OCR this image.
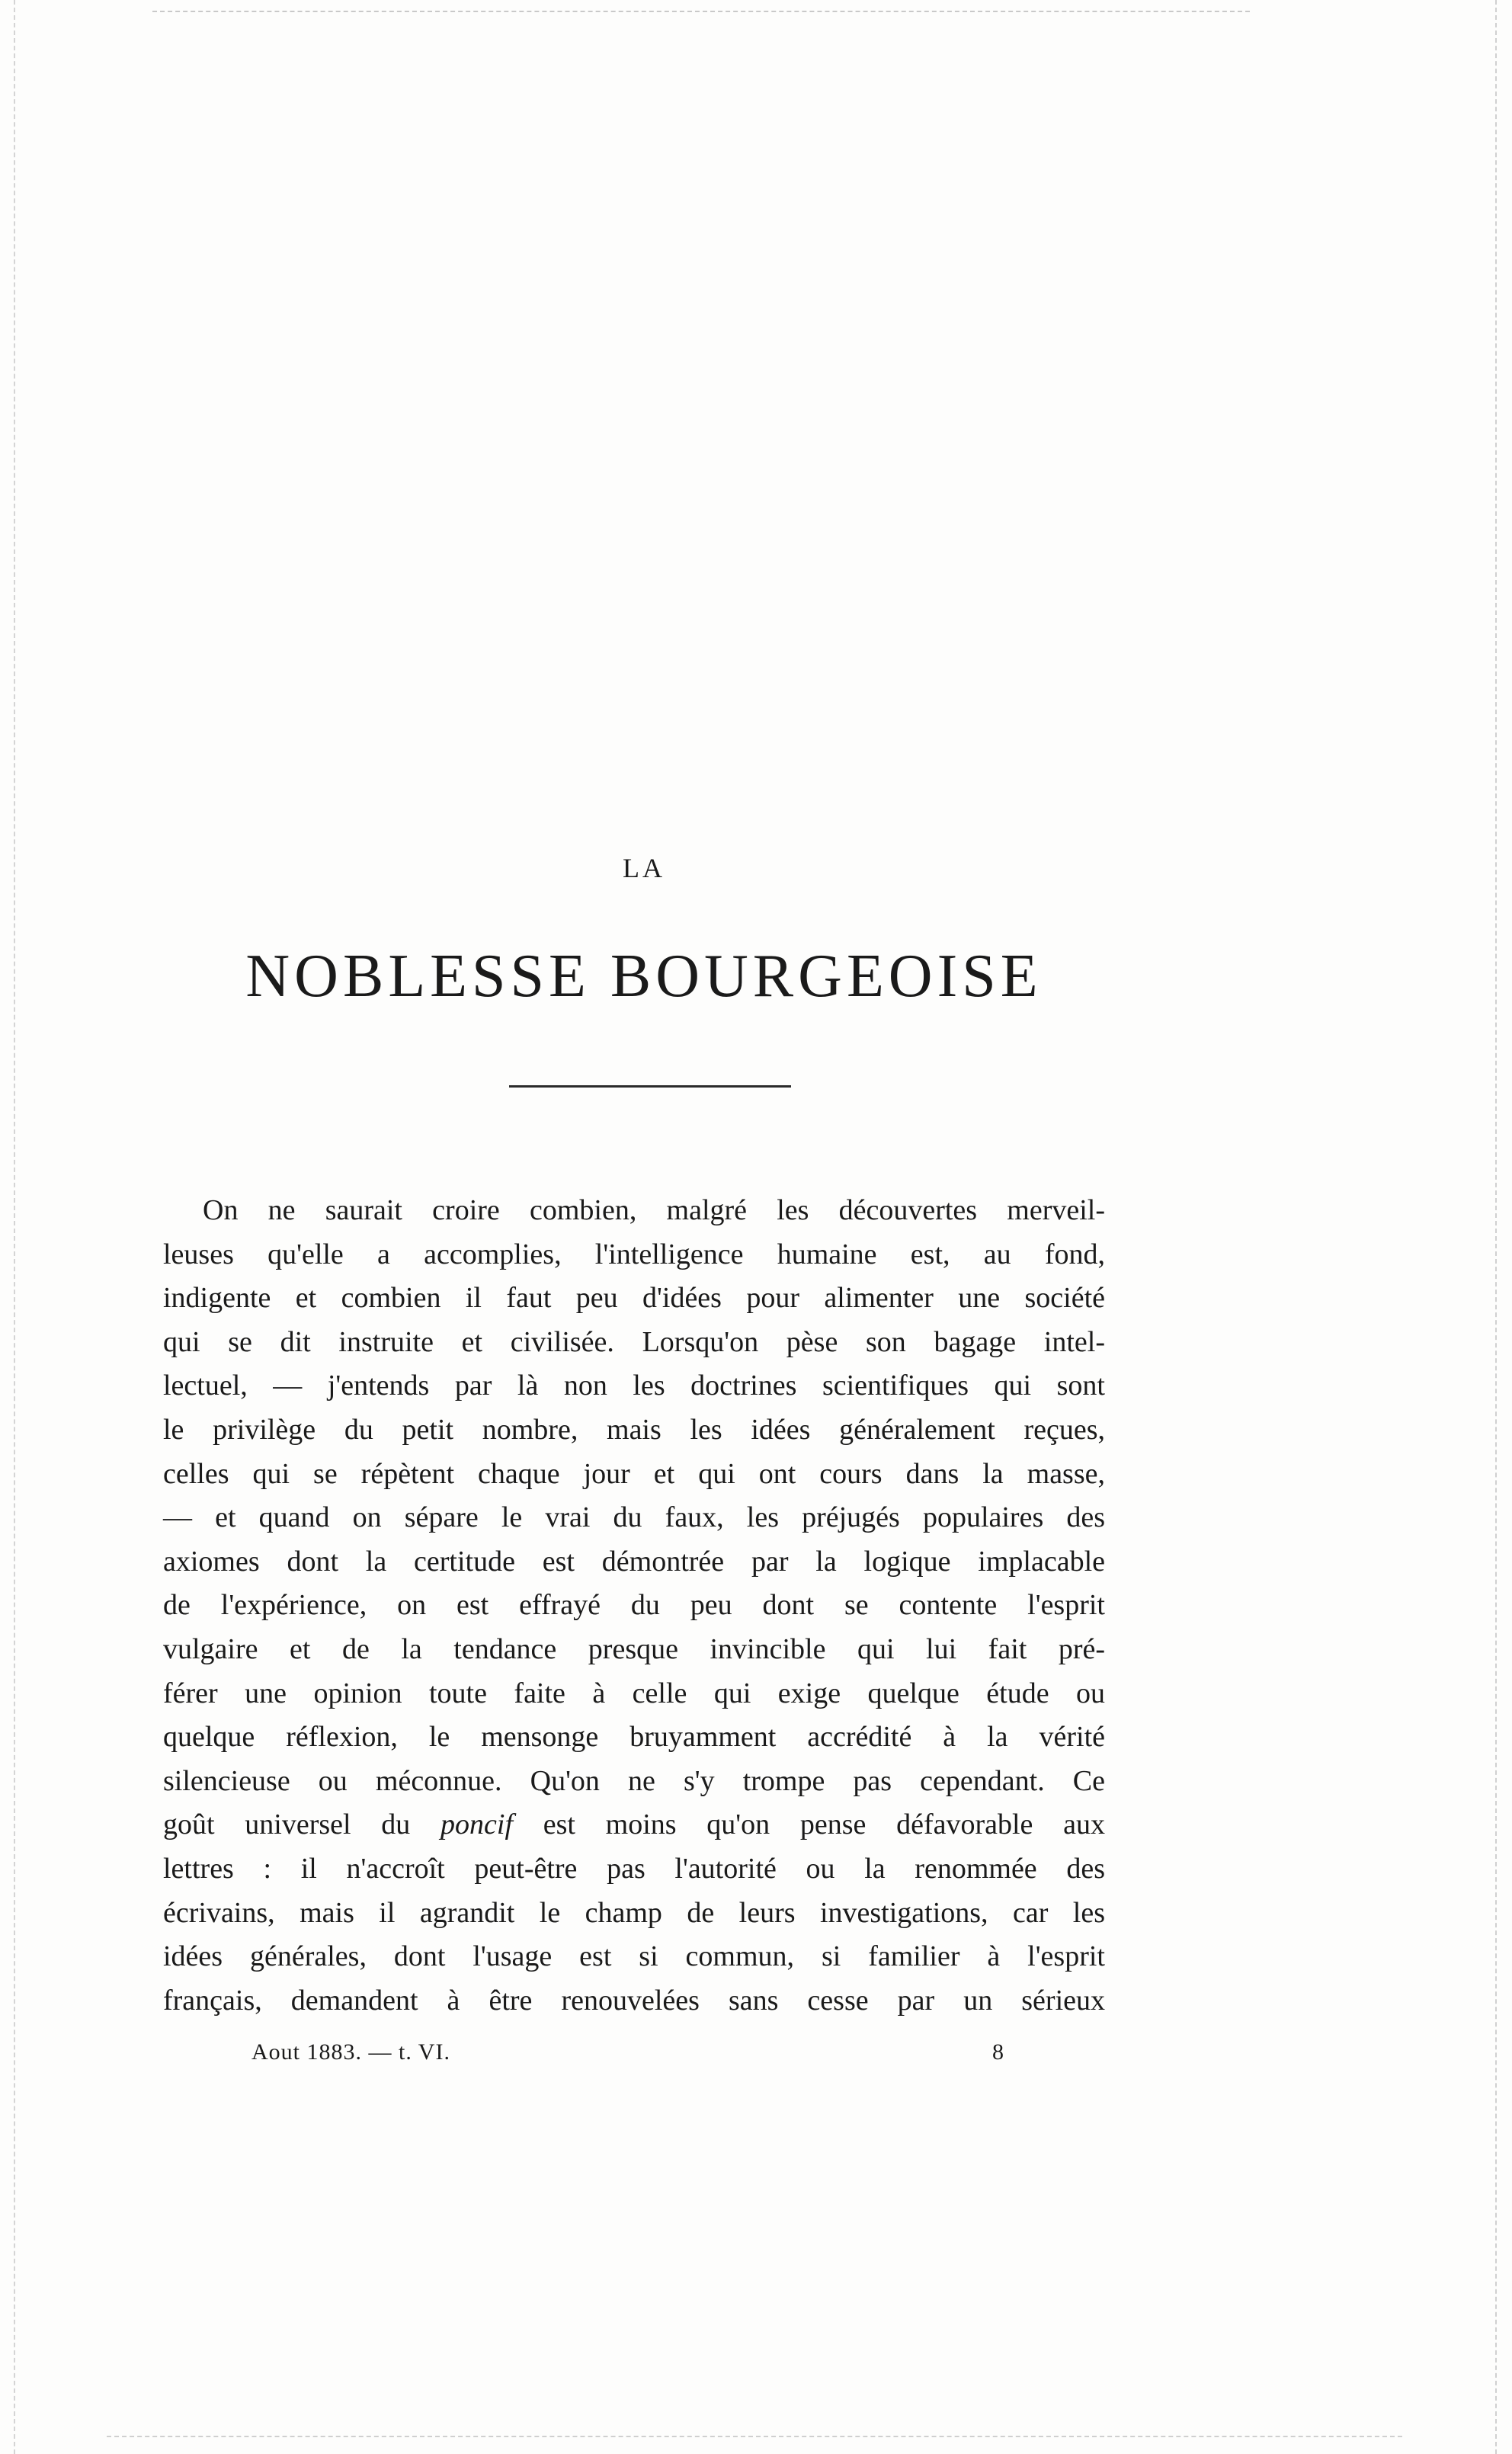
LA
NOBLESSE BOURGEOISE
On ne saurait croire combien, malgré les découvertes merveil-
leuses qu'elle a accomplies, l'intelligence humaine est, au fond,
indigente et combien il faut peu d'idées pour alimenter une société
qui se dit instruite et civilisée. Lorsqu'on pèse son bagage intel-
lectuel, — j'entends par là non les doctrines scientifiques qui sont
le privilège du petit nombre, mais les idées généralement reçues,
celles qui se répètent chaque jour et qui ont cours dans la masse,
— et quand on sépare le vrai du faux, les préjugés populaires des
axiomes dont la certitude est démontrée par la logique implacable
de l'expérience, on est effrayé du peu dont se contente l'esprit
vulgaire et de la tendance presque invincible qui lui fait pré-
férer une opinion toute faite à celle qui exige quelque étude ou
quelque réflexion, le mensonge bruyamment accrédité à la vérité
silencieuse ou méconnue. Qu'on ne s'y trompe pas cependant. Ce
goût universel du poncif est moins qu'on pense défavorable aux
lettres : il n'accroît peut-être pas l'autorité ou la renommée des
écrivains, mais il agrandit le champ de leurs investigations, car les
idées générales, dont l'usage est si commun, si familier à l'esprit
français, demandent à être renouvelées sans cesse par un sérieux
Aout 1883. — t. VI.	8
